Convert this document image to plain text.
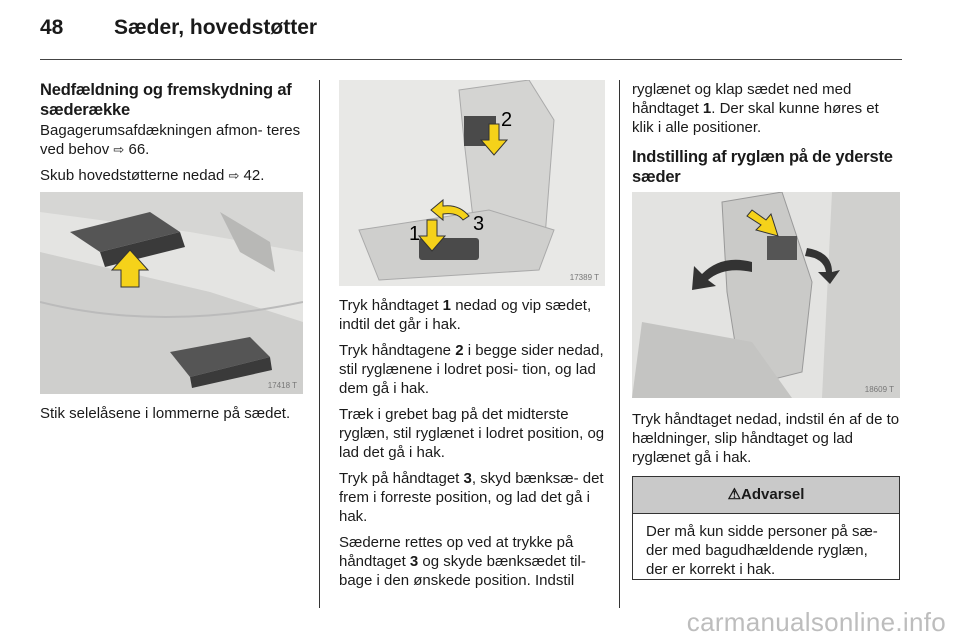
48 Sæder, hovedstøtter
Nedfældning og fremskydning af sæderække

Bagagerumsafdækningen afmon- teres ved behov ⇨ 66.

Skub hovedstøtterne nedad ⇨ 42.

17418 T

Stik selelåsene i lommerne på sædet.

2
3
1
17389 T

Tryk håndtaget 1 nedad og vip sædet, indtil det går i hak.

Tryk håndtagene 2 i begge sider nedad, stil ryglænene i lodret posi- tion, og lad dem gå i hak.

Træk i grebet bag på det midterste ryglæn, stil ryglænet i lodret position, og lad det gå i hak.

Tryk på håndtaget 3, skyd bænksæ- det frem i forreste position, og lad det gå i hak.

Sæderne rettes op ved at trykke på håndtaget 3 og skyde bænksædet til- bage i den ønskede position. Indstil

ryglænet og klap sædet ned med håndtaget 1. Der skal kunne høres et klik i alle positioner.

Indstilling af ryglæn på de yderste sæder
18609 T

Tryk håndtaget nedad, indstil én af de to hældninger, slip håndtaget og lad ryglænet gå i hak.

⚠Advarsel
Der må kun sidde personer på sæ- der med bagudhældende ryglæn, der er korrekt i hak.
carmanualsonline.info
